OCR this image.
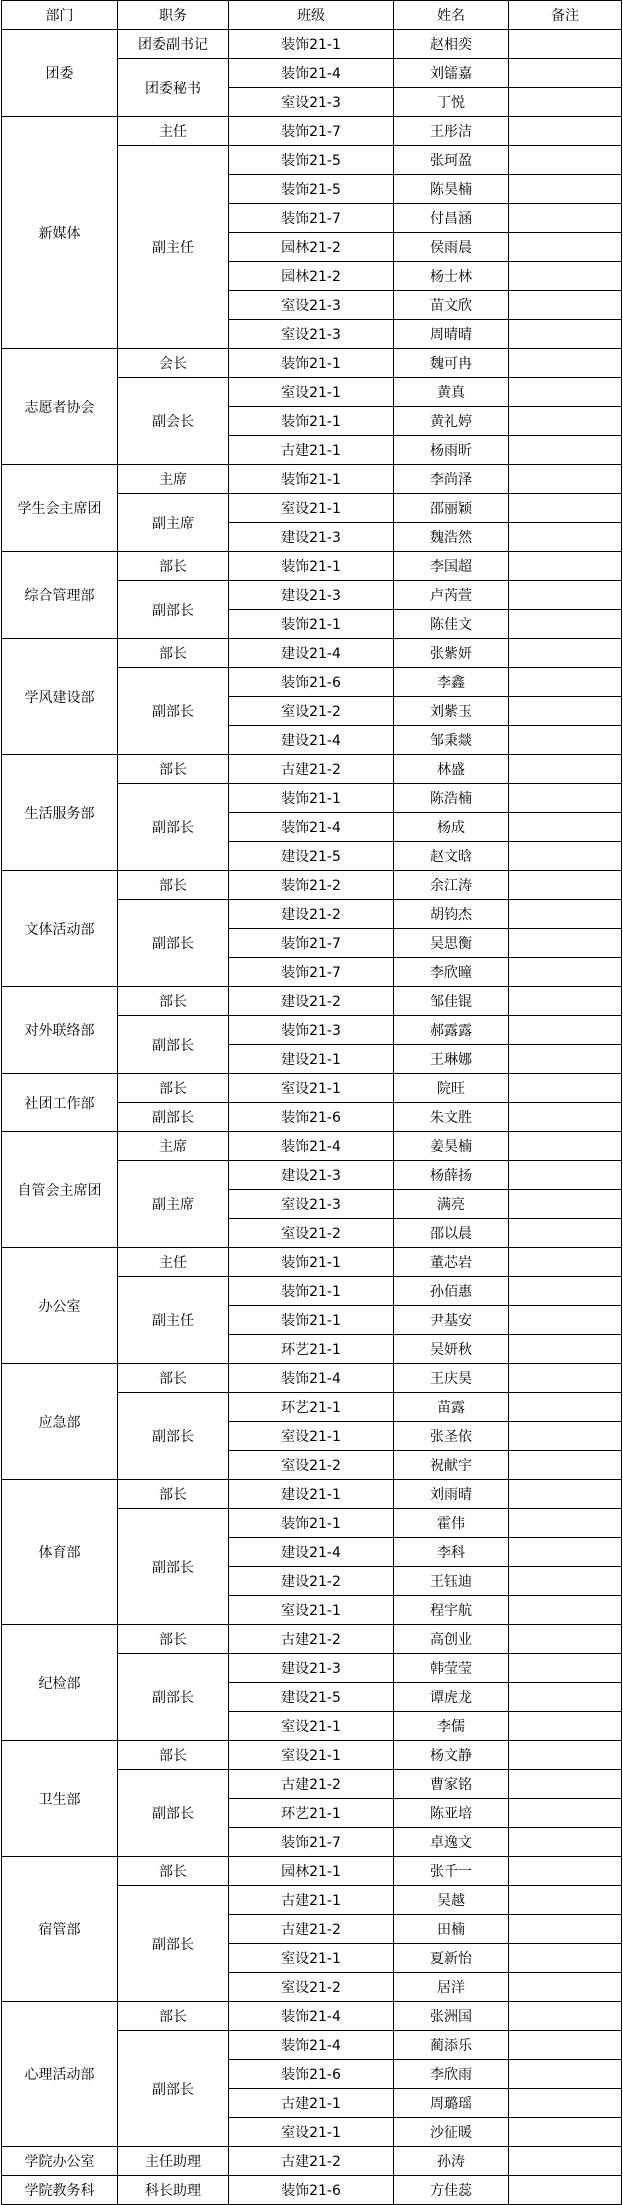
部门	职务	班级	姓名	备注
团委	团委副书记	装饰21-1	赵相奕	
	团委秘书	装饰21-4	刘镭嘉	
		室设21-3	丁悦	
新媒体	主任	装饰21-7	王彤洁	
	副主任	装饰21-5	张珂盈	
		装饰21-5	陈昊楠	
		装饰21-7	付昌涵	
		园林21-2	侯雨晨	
		园林21-2	杨士林	
		室设21-3	苗文欣	
		室设21-3	周晴晴	
志愿者协会	会长	装饰21-1	魏可冉	
	副会长	室设21-1	黄真	
		装饰21-1	黄礼婷	
		古建21-1	杨雨昕	
学生会主席团	主席	装饰21-1	李尚泽	
	副主席	室设21-1	邵丽颖	
		建设21-3	魏浩然	
综合管理部	部长	装饰21-1	李国超	
	副部长	建设21-3	卢芮萱	
		装饰21-1	陈佳文	
学风建设部	部长	建设21-4	张紫妍	
	副部长	装饰21-6	李鑫	
		室设21-2	刘紫玉	
		建设21-4	邹秉燚	
生活服务部	部长	古建21-2	林盛	
	副部长	装饰21-1	陈浩楠	
		装饰21-4	杨成	
		建设21-5	赵文晗	
文体活动部	部长	装饰21-2	余江涛	
	副部长	建设21-2	胡钧杰	
		装饰21-7	吴思衡	
		装饰21-7	李欣曈	
对外联络部	部长	建设21-2	邹佳锟	
	副部长	装饰21-3	郝露露	
		建设21-1	王琳娜	
社团工作部	部长	室设21-1	院旺	
	副部长	装饰21-6	朱文胜	
自管会主席团	主席	装饰21-4	姜昊楠	
	副主席	建设21-3	杨薛扬	
		室设21-3	满亮	
		室设21-2	邵以晨	
办公室	主任	装饰21-1	董芯岩	
	副主任	装饰21-1	孙佰惠	
		装饰21-1	尹基安	
		环艺21-1	吴妍秋	
应急部	部长	装饰21-4	王庆昊	
	副部长	环艺21-1	苗露	
		室设21-1	张圣依	
		室设21-2	祝献宇	
体育部	部长	建设21-1	刘雨晴	
	副部长	装饰21-1	霍伟	
		建设21-4	李科	
		建设21-2	王钰迪	
		室设21-1	程宇航	
纪检部	部长	古建21-2	高创业	
	副部长	建设21-3	韩莹莹	
		建设21-5	谭虎龙	
		室设21-1	李儒	
卫生部	部长	室设21-1	杨文静	
	副部长	古建21-2	曹家铭	
		环艺21-1	陈亚培	
		装饰21-7	卓逸文	
宿管部	部长	园林21-1	张千一	
	副部长	古建21-1	吴越	
		古建21-2	田楠	
		室设21-1	夏新怡	
		室设21-2	居洋	
心理活动部	部长	装饰21-4	张洲国	
	副部长	装饰21-4	蔺添乐	
		装饰21-6	李欣雨	
		古建21-1	周璐瑶	
		室设21-1	沙征暖	
学院办公室	主任助理	古建21-2	孙涛	
学院教务科	科长助理	装饰21-6	方佳蕊	
